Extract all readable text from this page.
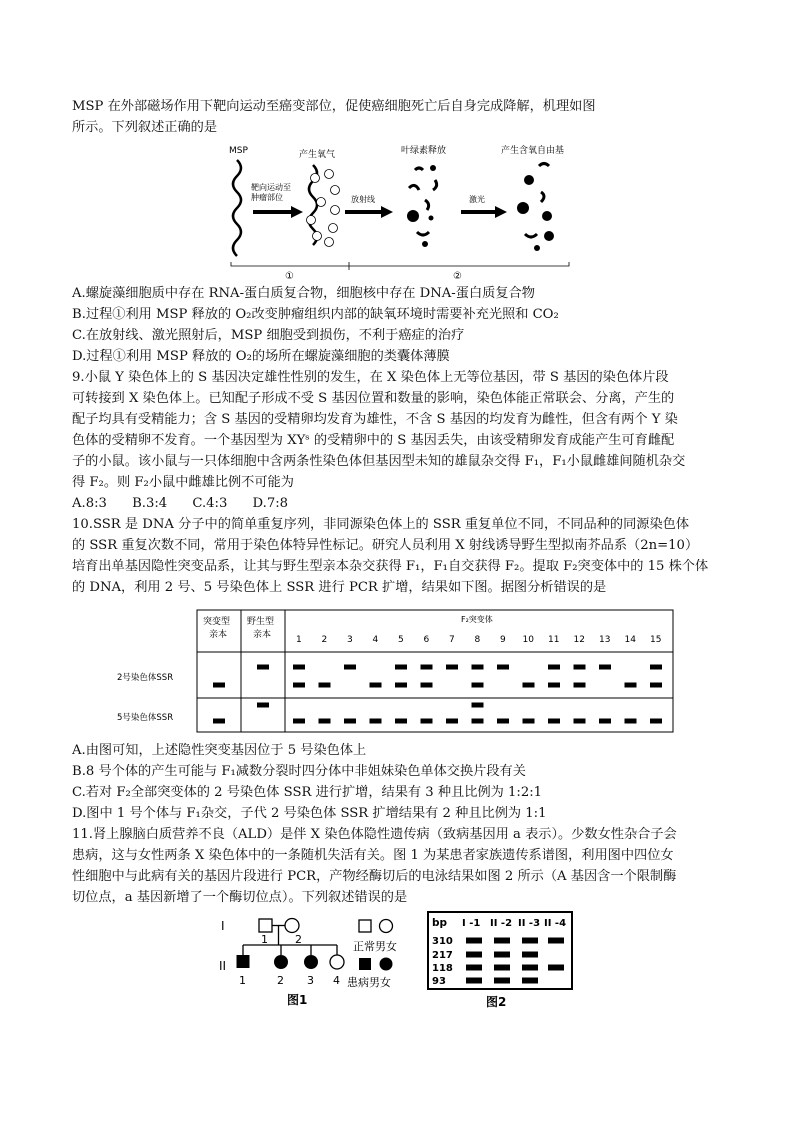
MSP 在外部磁场作用下靶向运动至癌变部位，促使癌细胞死亡后自身完成降解，机理如图
所示。下列叙述正确的是
MSP
靶向运动至
肿瘤部位
产生氧气
放射线
叶绿素释放
激光
产生含氧自由基
①	②
A.螺旋藻细胞质中存在 RNA-蛋白质复合物，细胞核中存在 DNA-蛋白质复合物
B.过程①利用 MSP 释放的 O₂改变肿瘤组织内部的缺氧环境时需要补充光照和 CO₂
C.在放射线、激光照射后，MSP 细胞受到损伤，不利于癌症的治疗
D.过程①利用 MSP 释放的 O₂的场所在螺旋藻细胞的类囊体薄膜
9.小鼠 Y 染色体上的 S 基因决定雄性性别的发生，在 X 染色体上无等位基因，带 S 基因的染色体片段
可转接到 X 染色体上。已知配子形成不受 S 基因位置和数量的影响，染色体能正常联会、分离，产生的
配子均具有受精能力；含 S 基因的受精卵均发育为雄性，不含 S 基因的均发育为雌性，但含有两个 Y 染
色体的受精卵不发育。一个基因型为 XYˢ 的受精卵中的 S 基因丢失，由该受精卵发育成能产生可育雌配
子的小鼠。该小鼠与一只体细胞中含两条性染色体但基因型未知的雄鼠杂交得 F₁，F₁小鼠雌雄间随机杂交
得 F₂。则 F₂小鼠中雌雄比例不可能为
A.8:3      B.3:4      C.4:3      D.7:8
10.SSR 是 DNA 分子中的简单重复序列，非同源染色体上的 SSR 重复单位不同，不同品种的同源染色体
的 SSR 重复次数不同，常用于染色体特异性标记。研究人员利用 X 射线诱导野生型拟南芥品系（2n=10）
培育出单基因隐性突变品系，让其与野生型亲本杂交获得 F₁，F₁自交获得 F₂。提取 F₂突变体中的 15 株个体
的 DNA，利用 2 号、5 号染色体上 SSR 进行 PCR 扩增，结果如下图。据图分析错误的是
突变型
亲本
野生型
亲本
F₂突变体
1 2 3 4 5 6 7 8 9 10 11 12 13 14 15
2号染色体SSR
5号染色体SSR
A.由图可知，上述隐性突变基因位于 5 号染色体上
B.8 号个体的产生可能与 F₁减数分裂时四分体中非姐妹染色单体交换片段有关
C.若对 F₂全部突变体的 2 号染色体 SSR 进行扩增，结果有 3 种且比例为 1:2:1
D.图中 1 号个体与 F₁杂交，子代 2 号染色体 SSR 扩增结果有 2 种且比例为 1:1
11.肾上腺脑白质营养不良（ALD）是伴 X 染色体隐性遗传病（致病基因用 a 表示）。少数女性杂合子会
患病，这与女性两条 X 染色体中的一条随机失活有关。图 1 为某患者家族遗传系谱图，利用图中四位女
性细胞中与此病有关的基因片段进行 PCR，产物经酶切后的电泳结果如图 2 所示（A 基因含一个限制酶
切位点，a 基因新增了一个酶切位点）。下列叙述错误的是
I
II
1 2
1	2 3 4
正常男女
患病男女
图1
bp I -1 II -2 II -3 II -4
310
217
118
93
图2
